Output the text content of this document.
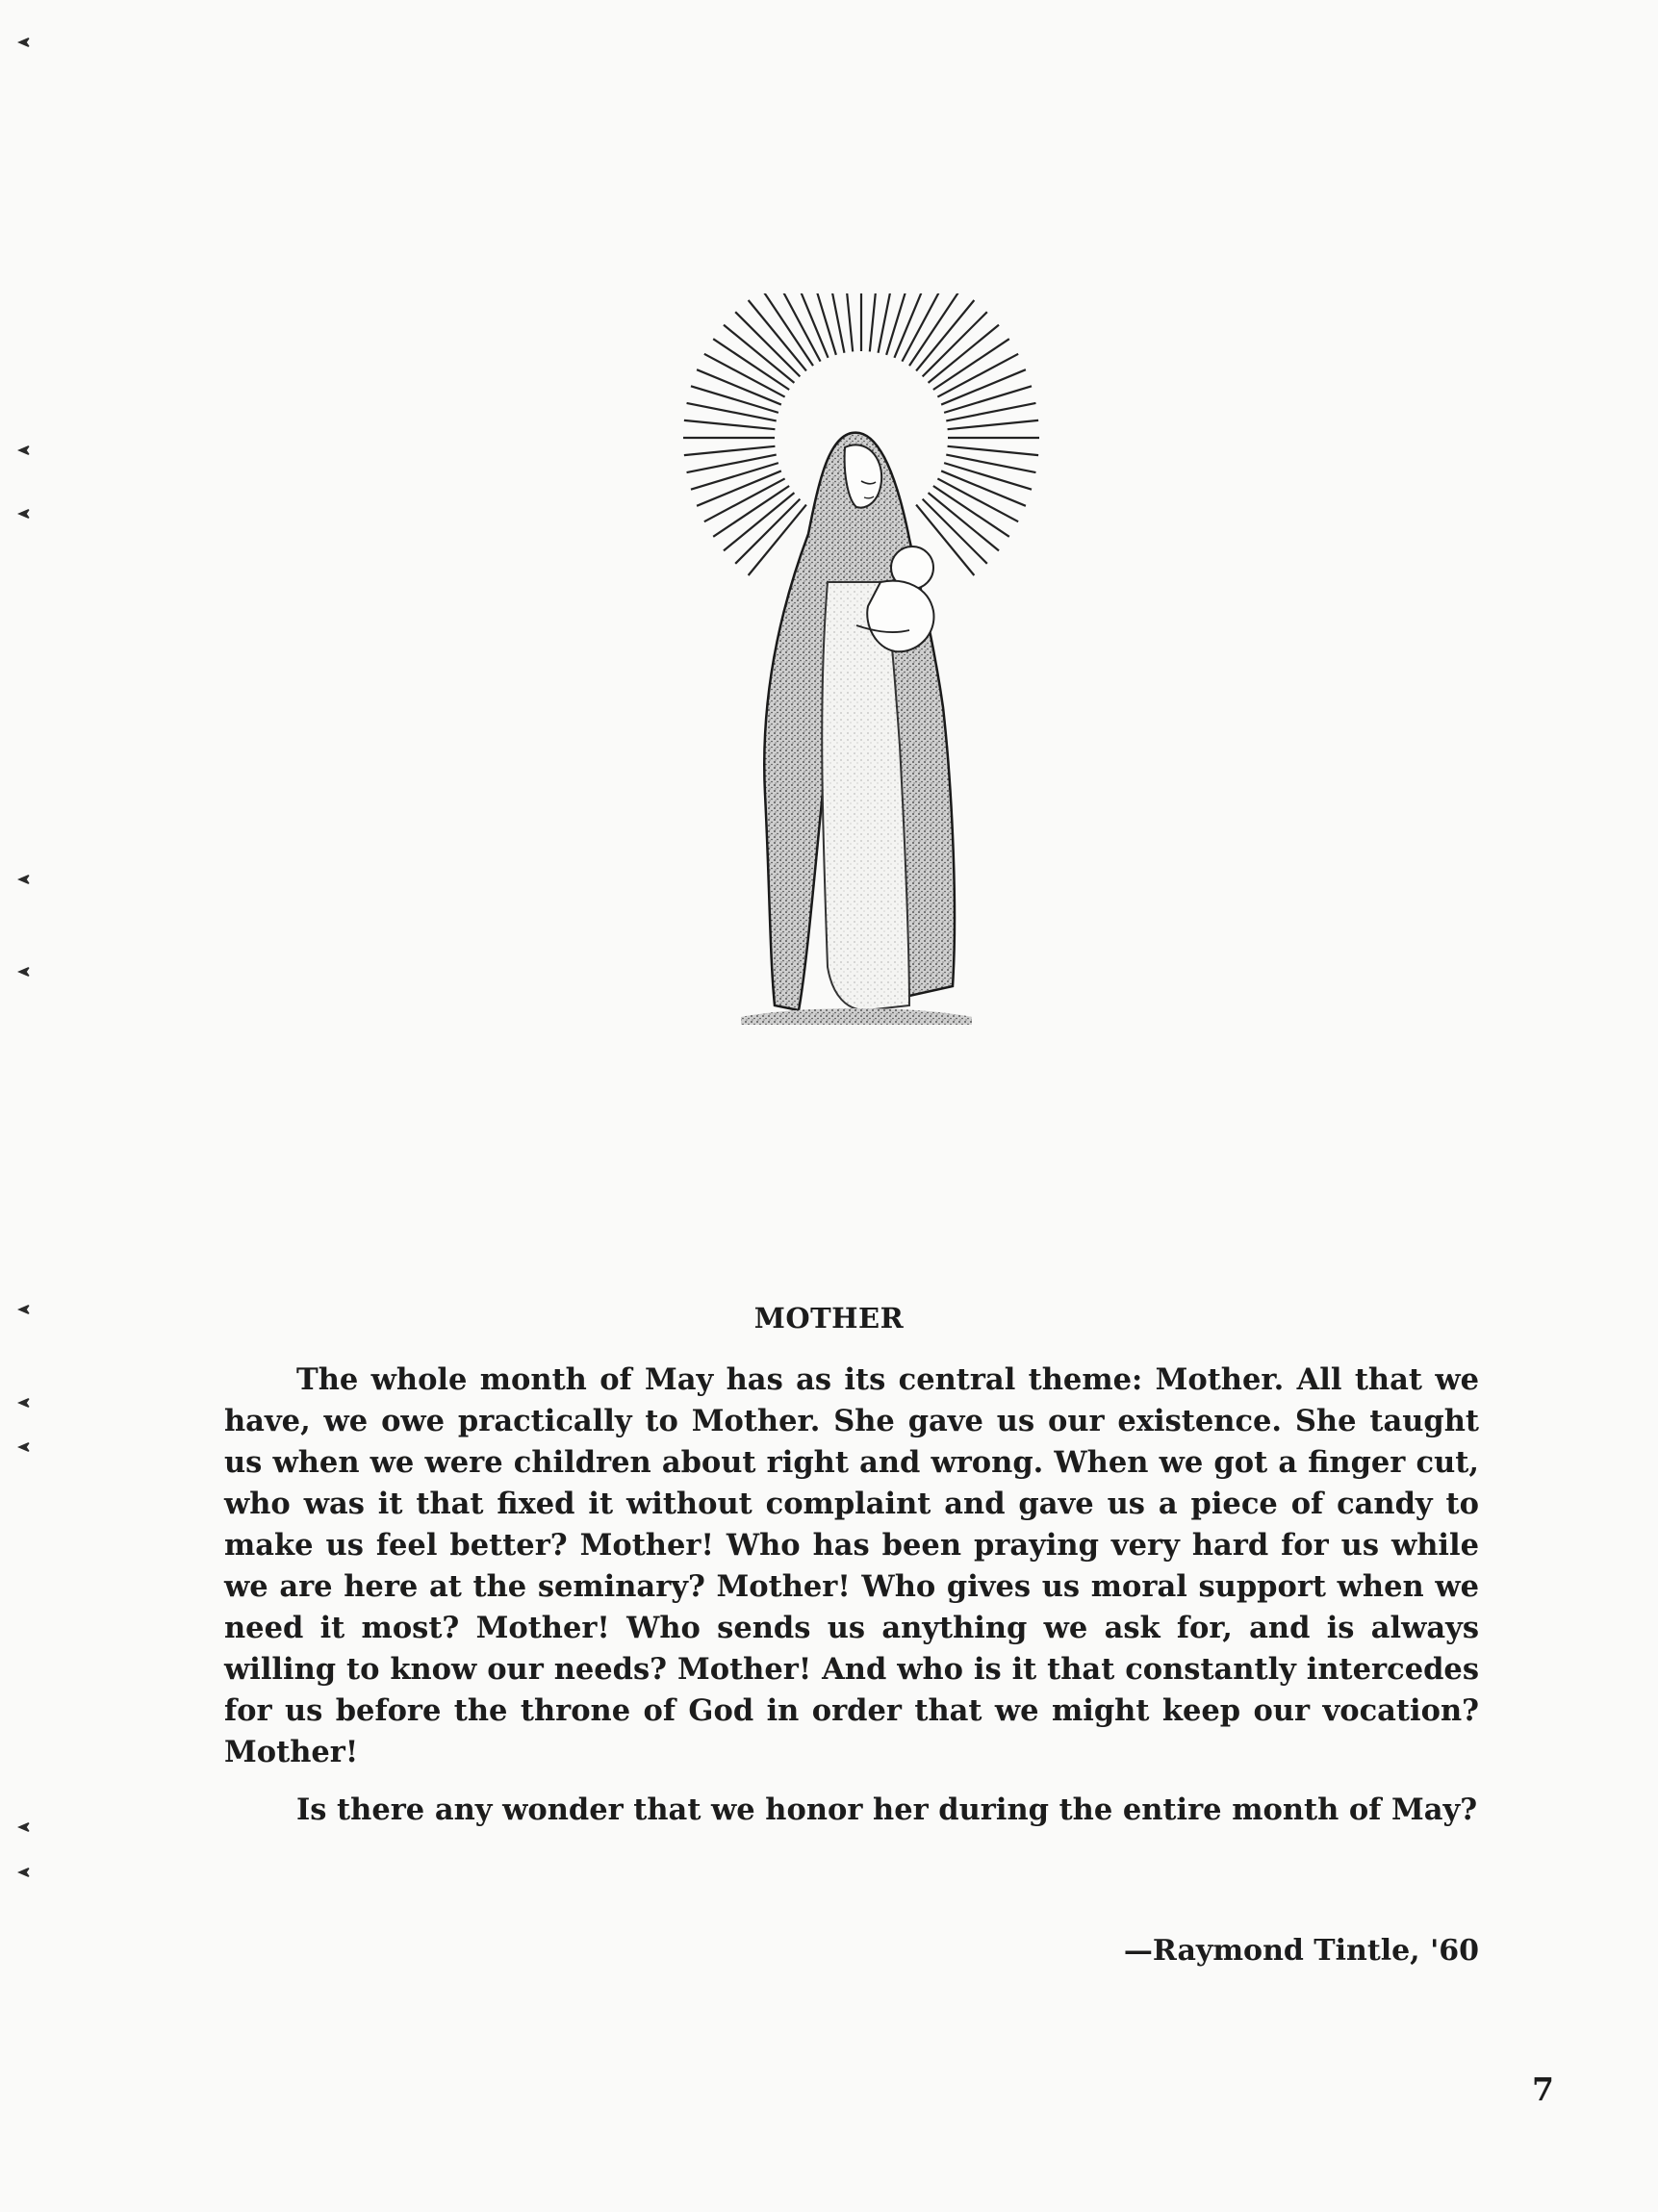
MOTHER

The whole month of May has as its central theme: Mother. All that we have, we owe practically to Mother. She gave us our existence. She taught us when we were children about right and wrong. When we got a finger cut, who was it that fixed it without complaint and gave us a piece of candy to make us feel better? Mother! Who has been praying very hard for us while we are here at the seminary? Mother! Who gives us moral support when we need it most? Mother! Who sends us anything we ask for, and is always willing to know our needs? Mother! And who is it that constantly intercedes for us before the throne of God in order that we might keep our vocation? Mother!

Is there any wonder that we honor her during the entire month of May?

—Raymond Tintle, '60
7
